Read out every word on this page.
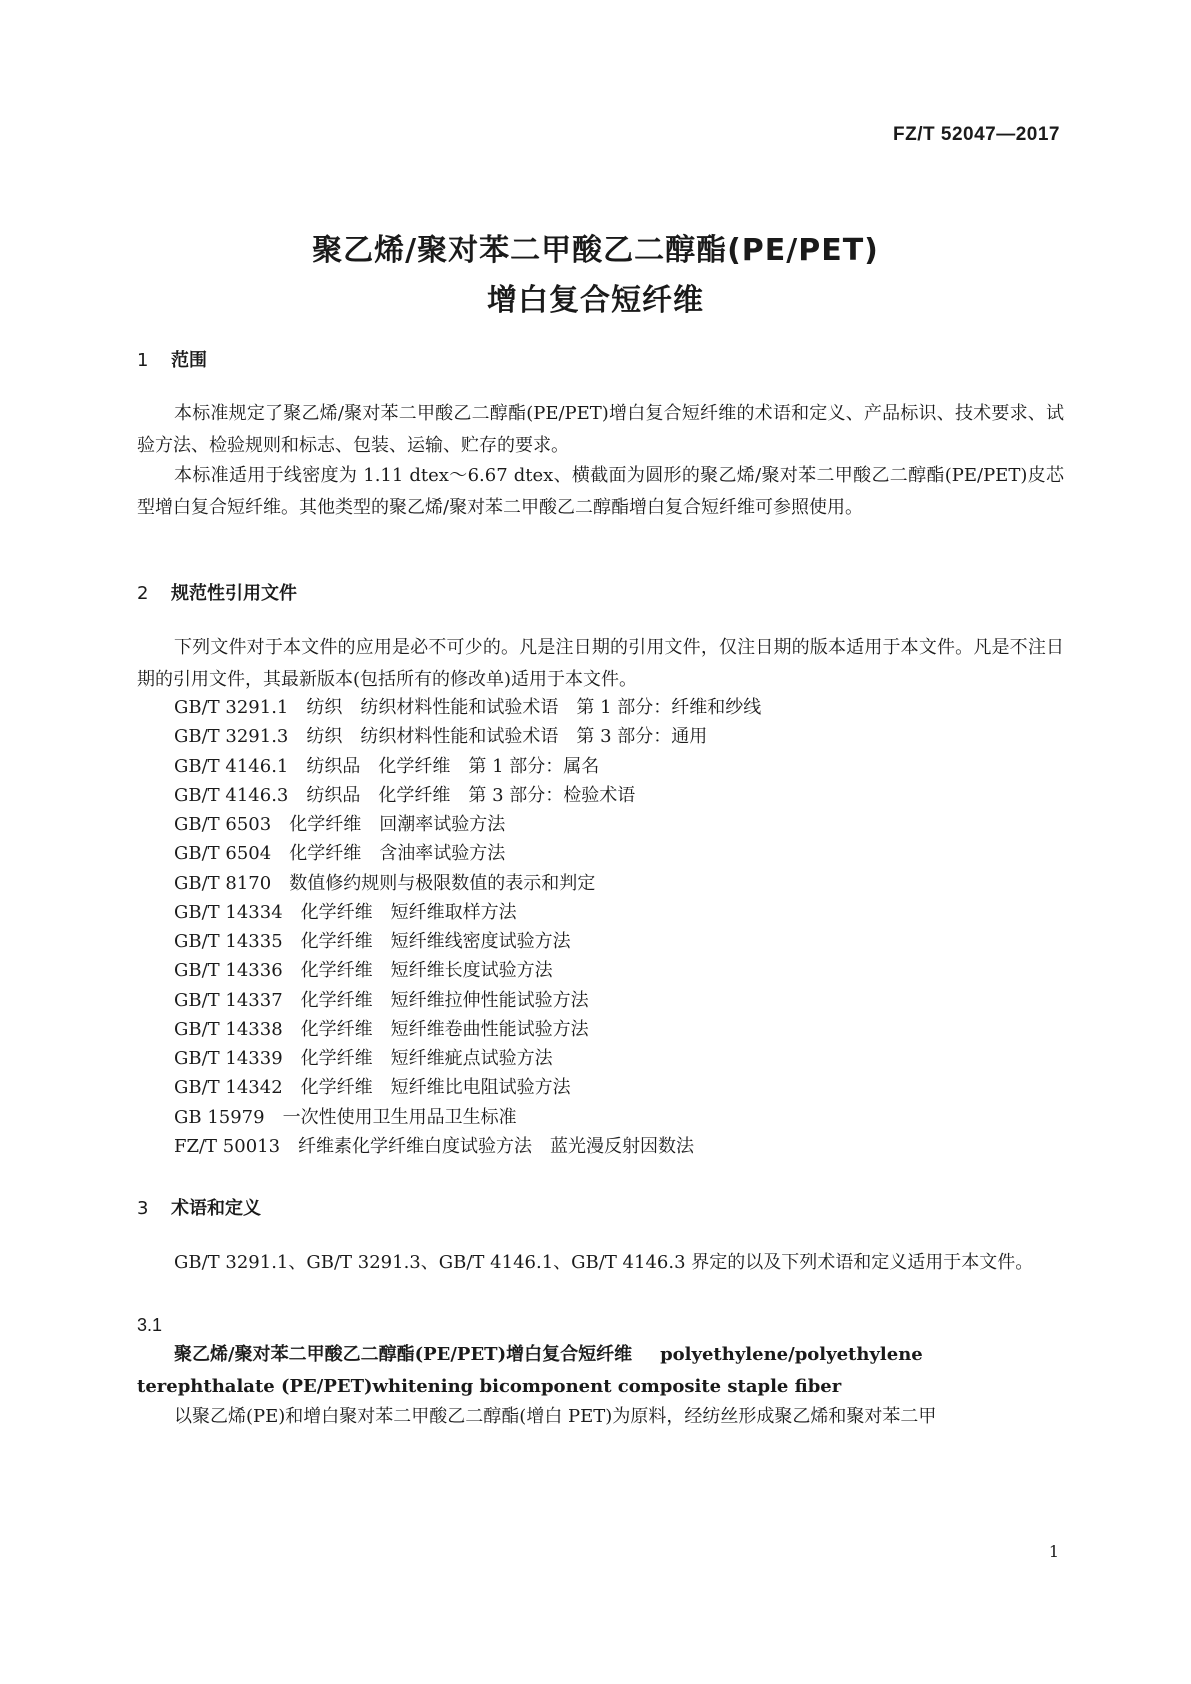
FZ/T 52047—2017
聚乙烯/聚对苯二甲酸乙二醇酯(PE/PET)
增白复合短纤维
1 范围
本标准规定了聚乙烯/聚对苯二甲酸乙二醇酯(PE/PET)增白复合短纤维的术语和定义、产品标识、技术要求、试验方法、检验规则和标志、包装、运输、贮存的要求。
本标准适用于线密度为 1.11 dtex～6.67 dtex、横截面为圆形的聚乙烯/聚对苯二甲酸乙二醇酯(PE/PET)皮芯型增白复合短纤维。其他类型的聚乙烯/聚对苯二甲酸乙二醇酯增白复合短纤维可参照使用。
2 规范性引用文件
下列文件对于本文件的应用是必不可少的。凡是注日期的引用文件，仅注日期的版本适用于本文件。凡是不注日期的引用文件，其最新版本(包括所有的修改单)适用于本文件。
GB/T 3291.1　纺织　纺织材料性能和试验术语　第 1 部分：纤维和纱线
GB/T 3291.3　纺织　纺织材料性能和试验术语　第 3 部分：通用
GB/T 4146.1　纺织品　化学纤维　第 1 部分：属名
GB/T 4146.3　纺织品　化学纤维　第 3 部分：检验术语
GB/T 6503　化学纤维　回潮率试验方法
GB/T 6504　化学纤维　含油率试验方法
GB/T 8170　数值修约规则与极限数值的表示和判定
GB/T 14334　化学纤维　短纤维取样方法
GB/T 14335　化学纤维　短纤维线密度试验方法
GB/T 14336　化学纤维　短纤维长度试验方法
GB/T 14337　化学纤维　短纤维拉伸性能试验方法
GB/T 14338　化学纤维　短纤维卷曲性能试验方法
GB/T 14339　化学纤维　短纤维疵点试验方法
GB/T 14342　化学纤维　短纤维比电阻试验方法
GB 15979　一次性使用卫生用品卫生标准
FZ/T 50013　纤维素化学纤维白度试验方法　蓝光漫反射因数法
3 术语和定义
GB/T 3291.1、GB/T 3291.3、GB/T 4146.1、GB/T 4146.3 界定的以及下列术语和定义适用于本文件。
3.1
聚乙烯/聚对苯二甲酸乙二醇酯(PE/PET)增白复合短纤维 polyethylene/polyethylene terephthalate (PE/PET)whitening bicomponent composite staple fiber
以聚乙烯(PE)和增白聚对苯二甲酸乙二醇酯(增白 PET)为原料，经纺丝形成聚乙烯和聚对苯二甲
1
